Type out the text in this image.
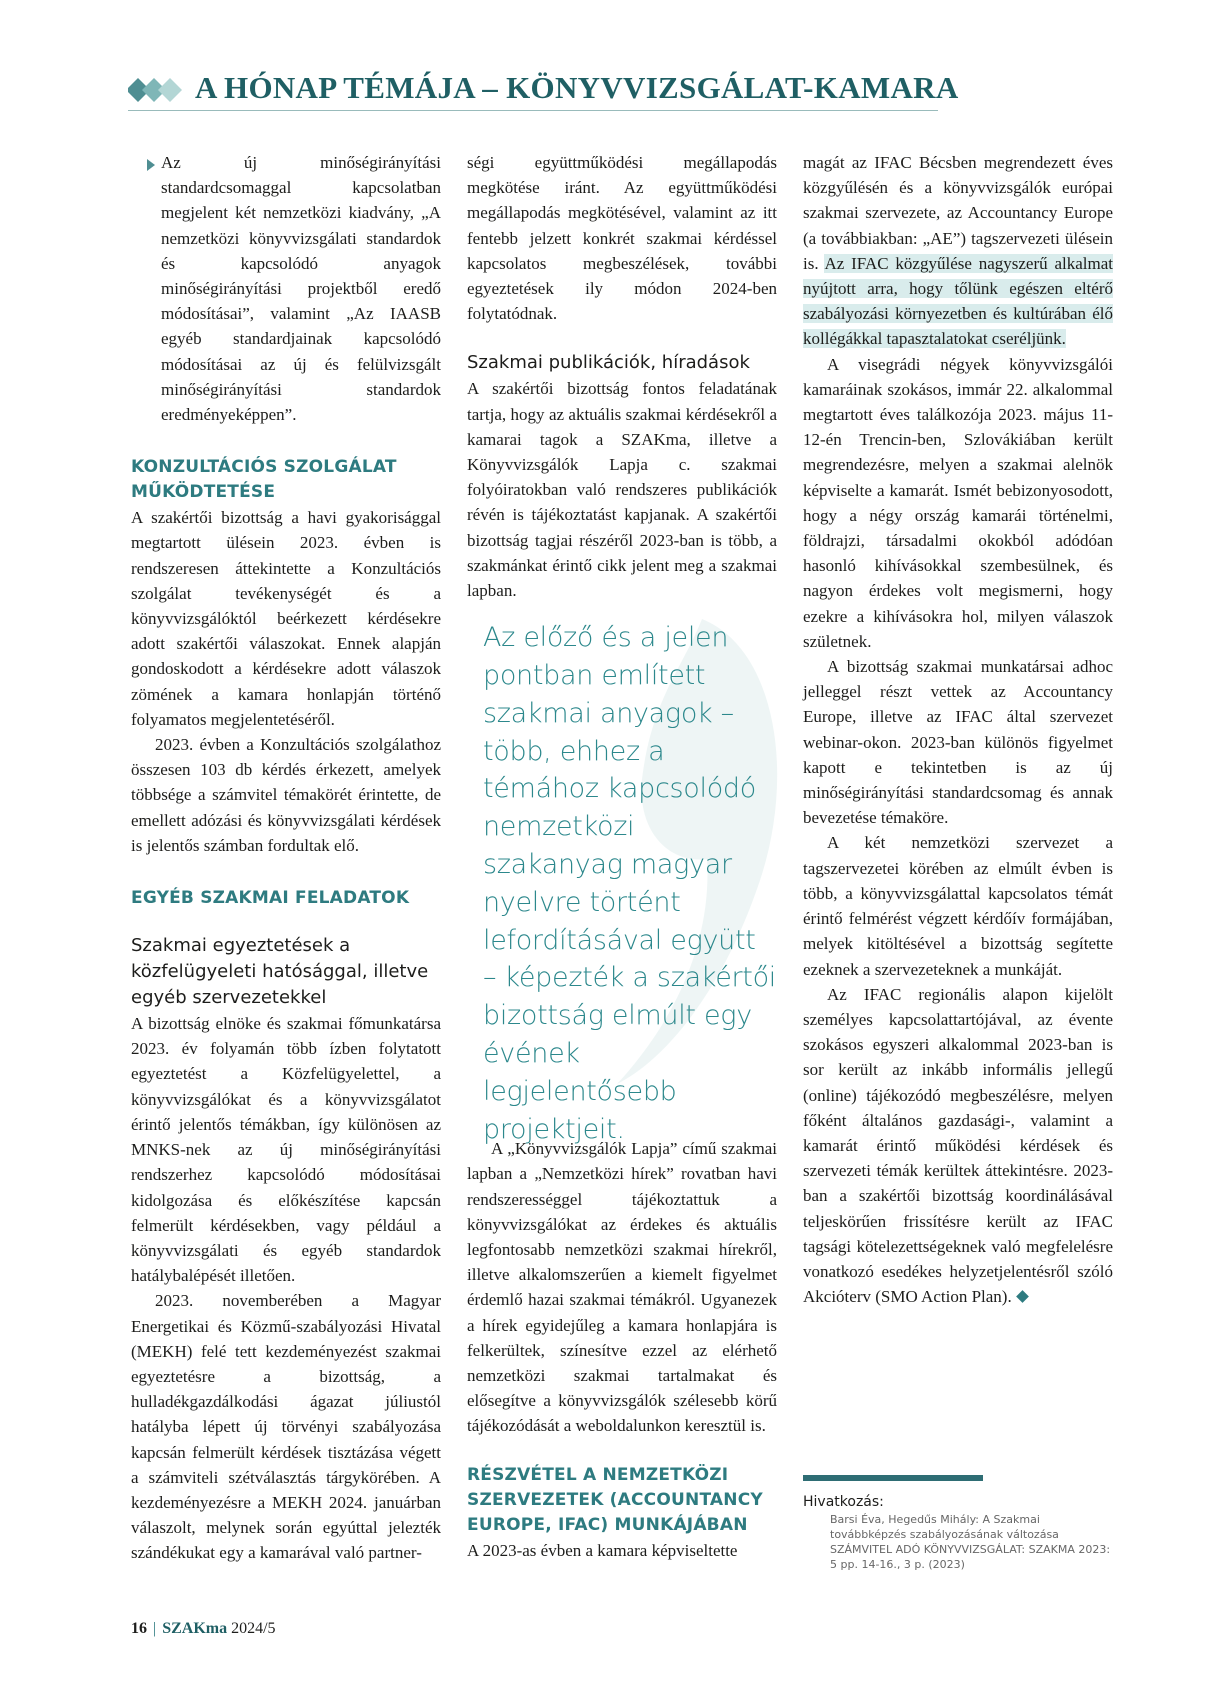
A HÓNAP TÉMÁJA – KÖNYVVIZSGÁLAT-KAMARA

Az új minőségirányítási standardcsomaggal kapcsolatban megjelent két nemzetközi kiadvány, „A nemzetközi könyvvizsgálati standardok és kapcsolódó anyagok minőségirányítási projektből eredő módosításai”, valamint „Az IAASB egyéb standardjainak kapcsolódó módosításai az új és felülvizsgált minőségirányítási standardok eredményeképpen”.

KONZULTÁCIÓS SZOLGÁLAT MŰKÖDTETÉSE

A szakértői bizottság a havi gyakorisággal megtartott ülésein 2023. évben is rendszeresen áttekintette a Konzultációs szolgálat tevékenységét és a könyvvizsgálóktól beérkezett kérdésekre adott szakértői válaszokat. Ennek alapján gondoskodott a kérdésekre adott válaszok zömének a kamara honlapján történő folyamatos megjelentetéséről.

2023. évben a Konzultációs szolgálathoz összesen 103 db kérdés érkezett, amelyek többsége a számvitel témakörét érintette, de emellett adózási és könyvvizsgálati kérdések is jelentős számban fordultak elő.

EGYÉB SZAKMAI FELADATOK
Szakmai egyeztetések a közfelügyeleti hatósággal, illetve egyéb szervezetekkel

A bizottság elnöke és szakmai főmunkatársa 2023. év folyamán több ízben folytatott egyeztetést a Közfelügyelettel, a könyvvizsgálókat és a könyvvizsgálatot érintő jelentős témákban, így különösen az MNKS-nek az új minőségirányítási rendszerhez kapcsolódó módosításai kidolgozása és előkészítése kapcsán felmerült kérdésekben, vagy például a könyvvizsgálati és egyéb standardok hatálybalépését illetően.

2023. novemberében a Magyar Energetikai és Közmű-szabályozási Hivatal (MEKH) felé tett kezdeményezést szakmai egyeztetésre a bizottság, a hulladékgazdálkodási ágazat júliustól hatályba lépett új törvényi szabályozása kapcsán felmerült kérdések tisztázása végett a számviteli szétválasztás tárgykörében. A kezdeményezésre a MEKH 2024. januárban válaszolt, melynek során egyúttal jelezték szándékukat egy a kamarával való partner-

ségi együttműködési megállapodás megkötése iránt. Az együttműködési megállapodás megkötésével, valamint az itt fentebb jelzett konkrét szakmai kérdéssel kapcsolatos megbeszélések, további egyeztetések ily módon 2024-ben folytatódnak.

Szakmai publikációk, híradások

A szakértői bizottság fontos feladatának tartja, hogy az aktuális szakmai kérdésekről a kamarai tagok a SZAKma, illetve a Könyvvizsgálók Lapja c. szakmai folyóiratokban való rendszeres publikációk révén is tájékoztatást kapjanak. A szakértői bizottság tagjai részéről 2023-ban is több, a szakmánkat érintő cikk jelent meg a szakmai lapban.

Az előző és a jelen pontban említett szakmai anyagok – több, ehhez a témához kapcsolódó nemzetközi szakanyag magyar nyelvre történt lefordításával együtt – képezték a szakértői bizottság elmúlt egy évének legjelentősebb projektjeit.

A „Könyvvizsgálók Lapja” című szakmai lapban a „Nemzetközi hírek” rovatban havi rendszerességgel tájékoztattuk a könyvvizsgálókat az érdekes és aktuális legfontosabb nemzetközi szakmai hírekről, illetve alkalomszerűen a kiemelt figyelmet érdemlő hazai szakmai témákról. Ugyanezek a hírek egyidejűleg a kamara honlapjára is felkerültek, színesítve ezzel az elérhető nemzetközi szakmai tartalmakat és elősegítve a könyvvizsgálók szélesebb körű tájékozódását a weboldalunkon keresztül is.

RÉSZVÉTEL A NEMZETKÖZI SZERVEZETEK (ACCOUNTANCY EUROPE, IFAC) MUNKÁJÁBAN

A 2023-as évben a kamara képviseltette

magát az IFAC Bécsben megrendezett éves közgyűlésén és a könyvvizsgálók európai szakmai szervezete, az Accountancy Europe (a továbbiakban: „AE”) tagszervezeti ülésein is. Az IFAC közgyűlése nagyszerű alkalmat nyújtott arra, hogy tőlünk egészen eltérő szabályozási környezetben és kultúrában élő kollégákkal tapasztalatokat cseréljünk.

A visegrádi négyek könyvvizsgálói kamaráinak szokásos, immár 22. alkalommal megtartott éves találkozója 2023. május 11-12-én Trencin-ben, Szlovákiában került megrendezésre, melyen a szakmai alelnök képviselte a kamarát. Ismét bebizonyosodott, hogy a négy ország kamarái történelmi, földrajzi, társadalmi okokból adódóan hasonló kihívásokkal szembesülnek, és nagyon érdekes volt megismerni, hogy ezekre a kihívásokra hol, milyen válaszok születnek.

A bizottság szakmai munkatársai adhoc jelleggel részt vettek az Accountancy Europe, illetve az IFAC által szervezet webinar-okon. 2023-ban különös figyelmet kapott e tekintetben is az új minőségirányítási standardcsomag és annak bevezetése témaköre.

A két nemzetközi szervezet a tagszervezetei körében az elmúlt évben is több, a könyvvizsgálattal kapcsolatos témát érintő felmérést végzett kérdőív formájában, melyek kitöltésével a bizottság segítette ezeknek a szervezeteknek a munkáját.

Az IFAC regionális alapon kijelölt személyes kapcsolattartójával, az évente szokásos egyszeri alkalommal 2023-ban is sor került az inkább informális jellegű (online) tájékozódó megbeszélésre, melyen főként általános gazdasági-, valamint a kamarát érintő működési kérdések és szervezeti témák kerültek áttekintésre. 2023-ban a szakértői bizottság koordinálásával teljeskörűen frissítésre került az IFAC tagsági kötelezettségeknek való megfelelésre vonatkozó esedékes helyzetjelentésről szóló Akcióterv (SMO Action Plan).

Hivatkozás:
Barsi Éva, Hegedűs Mihály: A Szakmai továbbképzés szabályozásának változása SZÁMVITEL ADÓ KÖNYVVIZSGÁLAT: SZAKMA 2023: 5 pp. 14-16., 3 p. (2023)
16 | SZAKma 2024/5
